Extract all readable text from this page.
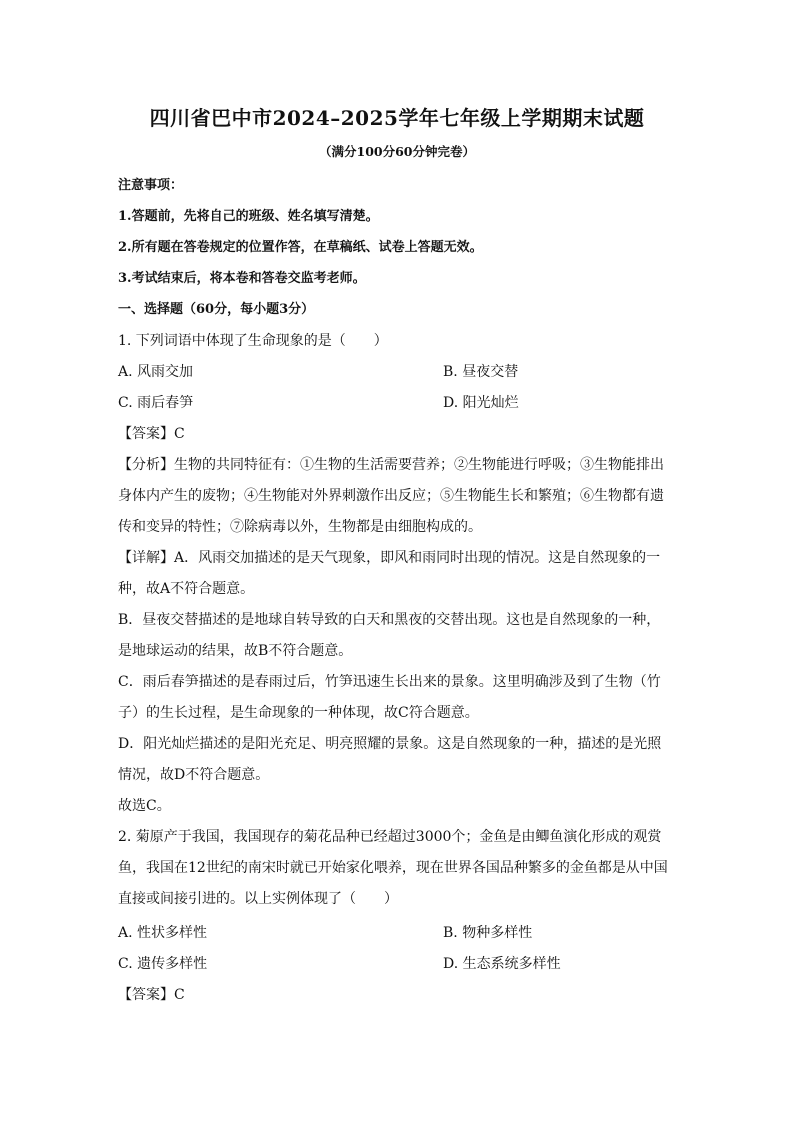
四川省巴中市2024–2025学年七年级上学期期末试题
（满分100分60分钟完卷）
注意事项：
1.答题前，先将自己的班级、姓名填写清楚。
2.所有题在答卷规定的位置作答，在草稿纸、试卷上答题无效。
3.考试结束后，将本卷和答卷交监考老师。
一、选择题（60分，每小题3分）
1. 下列词语中体现了生命现象的是（　　）
A. 风雨交加	B. 昼夜交替
C. 雨后春笋	D. 阳光灿烂
【答案】C
【分析】生物的共同特征有：①生物的生活需要营养；②生物能进行呼吸；③生物能排出
身体内产生的废物；④生物能对外界刺激作出反应；⑤生物能生长和繁殖；⑥生物都有遗
传和变异的特性；⑦除病毒以外，生物都是由细胞构成的。
【详解】A．风雨交加描述的是天气现象，即风和雨同时出现的情况。这是自然现象的一
种，故A不符合题意。
B．昼夜交替描述的是地球自转导致的白天和黑夜的交替出现。这也是自然现象的一种，
是地球运动的结果，故B不符合题意。
C．雨后春笋描述的是春雨过后，竹笋迅速生长出来的景象。这里明确涉及到了生物（竹
子）的生长过程，是生命现象的一种体现，故C符合题意。
D．阳光灿烂描述的是阳光充足、明亮照耀的景象。这是自然现象的一种，描述的是光照
情况，故D不符合题意。
故选C。
2. 菊原产于我国，我国现存的菊花品种已经超过3000个；金鱼是由鲫鱼演化形成的观赏
鱼，我国在12世纪的南宋时就已开始家化喂养，现在世界各国品种繁多的金鱼都是从中国
直接或间接引进的。以上实例体现了（　　）
A. 性状多样性	B. 物种多样性
C. 遗传多样性	D. 生态系统多样性
【答案】C
